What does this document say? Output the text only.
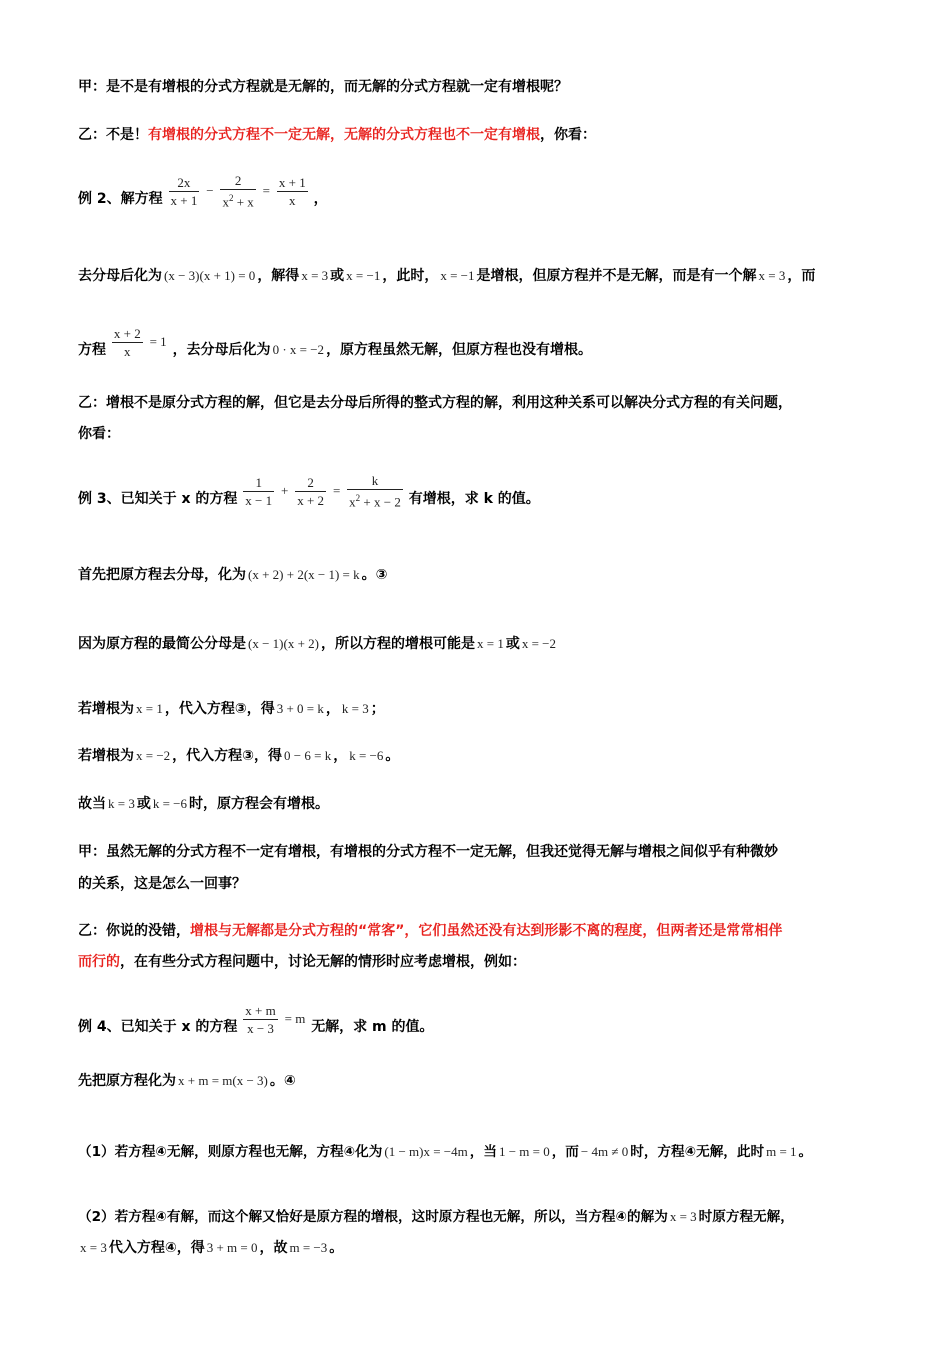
甲：是不是有增根的分式方程就是无解的，而无解的分式方程就一定有增根呢？
乙：不是！有增根的分式方程不一定无解，无解的分式方程也不一定有增根，你看：
例 2、解方程 $\frac{2x}{x + 1} - \frac{2}{x^2 + x} = \frac{x + 1}{x}$ ，
去分母后化为 (x − 3)(x + 1) = 0 ，解得 x = 3 或 x = −1 ，此时， x = −1 是增根，但原方程并不是无解，而是有一个解 x = 3 ，而
方程 $\frac{x + 2}{x} = 1$ ，去分母后化为 0 · x = −2 ，原方程虽然无解，但原方程也没有增根。
乙：增根不是原分式方程的解，但它是去分母后所得的整式方程的解，利用这种关系可以解决分式方程的有关问题，
你看：
例 3、已知关于 x 的方程 $\frac{1}{x - 1} + \frac{2}{x + 2} = \frac{k}{x^2 + x - 2}$ 有增根，求 k 的值。
首先把原方程去分母，化为 (x + 2) + 2(x − 1) = k 。③
因为原方程的最简公分母是 (x − 1)(x + 2) ，所以方程的增根可能是 x = 1 或 x = −2
若增根为 x = 1 ，代入方程③，得 3 + 0 = k ， k = 3 ；
若增根为 x = −2 ，代入方程③，得 0 − 6 = k ， k = −6 。
故当 k = 3 或 k = −6 时，原方程会有增根。
甲：虽然无解的分式方程不一定有增根，有增根的分式方程不一定无解，但我还觉得无解与增根之间似乎有种微妙
的关系，这是怎么一回事？
乙：你说的没错，增根与无解都是分式方程的“常客”，它们虽然还没有达到形影不离的程度，但两者还是常常相伴
而行的，在有些分式方程问题中，讨论无解的情形时应考虑增根，例如：
例 4、已知关于 x 的方程 $\frac{x + m}{x - 3} = m$ 无解，求 m 的值。
先把原方程化为 x + m = m(x − 3) 。④
（1）若方程④无解，则原方程也无解，方程④化为 (1 − m)x = −4m ，当 1 − m = 0 ，而 − 4m ≠ 0 时，方程④无解，此时 m = 1 。
（2）若方程④有解，而这个解又恰好是原方程的增根，这时原方程也无解，所以，当方程④的解为 x = 3 时原方程无解，
x = 3 代入方程④，得 3 + m = 0 ，故 m = −3 。
